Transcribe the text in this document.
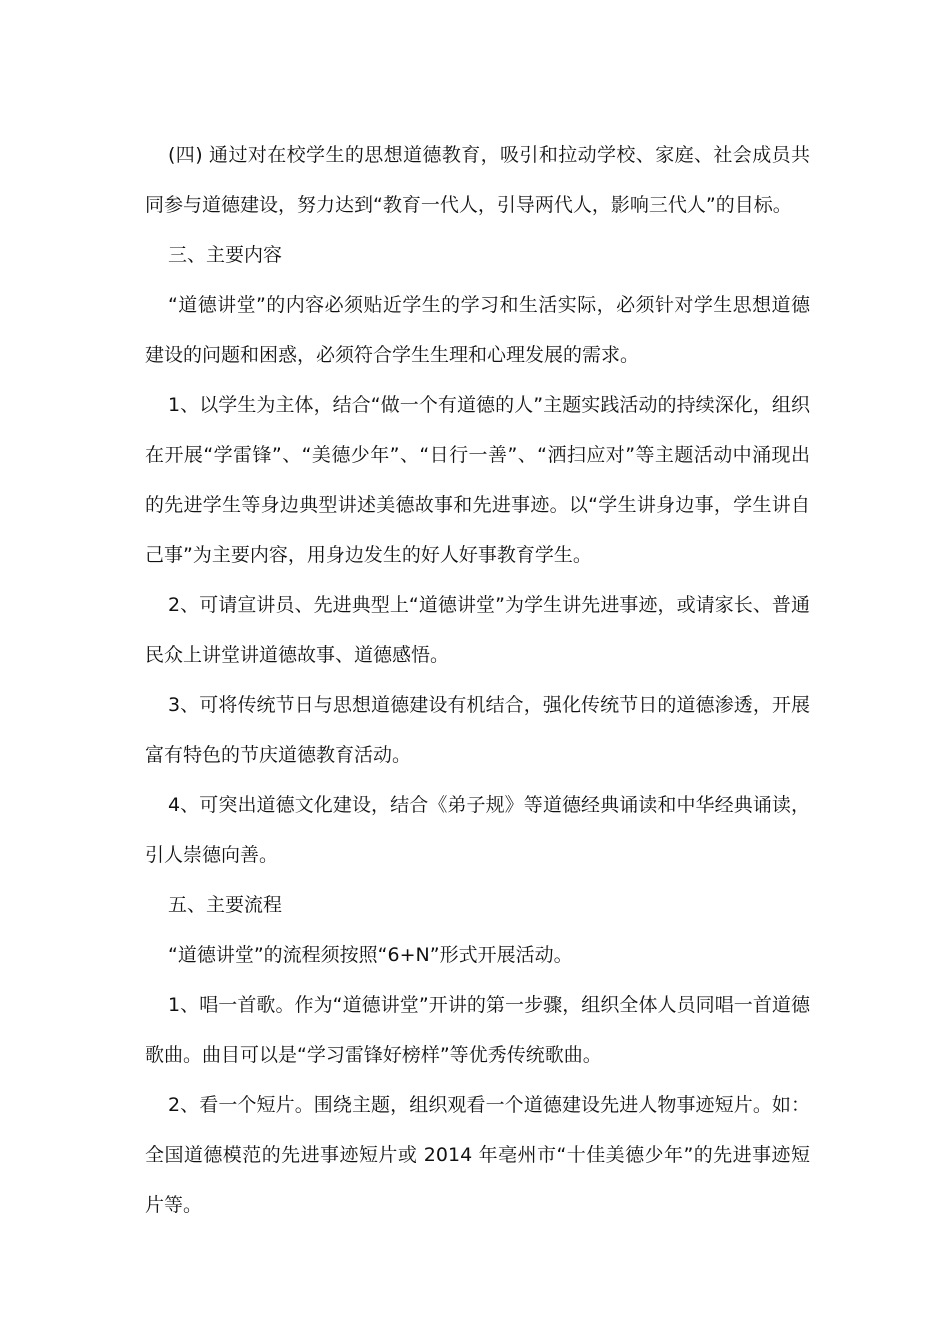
(四) 通过对在校学生的思想道德教育，吸引和拉动学校、家庭、社会成员共同参与道德建设，努力达到“教育一代人，引导两代人，影响三代人”的目标。

三、主要内容

“道德讲堂”的内容必须贴近学生的学习和生活实际，必须针对学生思想道德建设的问题和困惑，必须符合学生生理和心理发展的需求。

1、以学生为主体，结合“做一个有道德的人”主题实践活动的持续深化，组织在开展“学雷锋”、“美德少年”、“日行一善”、“洒扫应对”等主题活动中涌现出的先进学生等身边典型讲述美德故事和先进事迹。以“学生讲身边事，学生讲自己事”为主要内容，用身边发生的好人好事教育学生。

2、可请宣讲员、先进典型上“道德讲堂”为学生讲先进事迹，或请家长、普通民众上讲堂讲道德故事、道德感悟。

3、可将传统节日与思想道德建设有机结合，强化传统节日的道德渗透，开展富有特色的节庆道德教育活动。

4、可突出道德文化建设，结合《弟子规》等道德经典诵读和中华经典诵读，引人崇德向善。

五、主要流程

“道德讲堂”的流程须按照“6+N”形式开展活动。

1、唱一首歌。作为“道德讲堂”开讲的第一步骤，组织全体人员同唱一首道德歌曲。曲目可以是“学习雷锋好榜样”等优秀传统歌曲。

2、看一个短片。围绕主题，组织观看一个道德建设先进人物事迹短片。如：全国道德模范的先进事迹短片或 2014 年亳州市“十佳美德少年”的先进事迹短片等。
